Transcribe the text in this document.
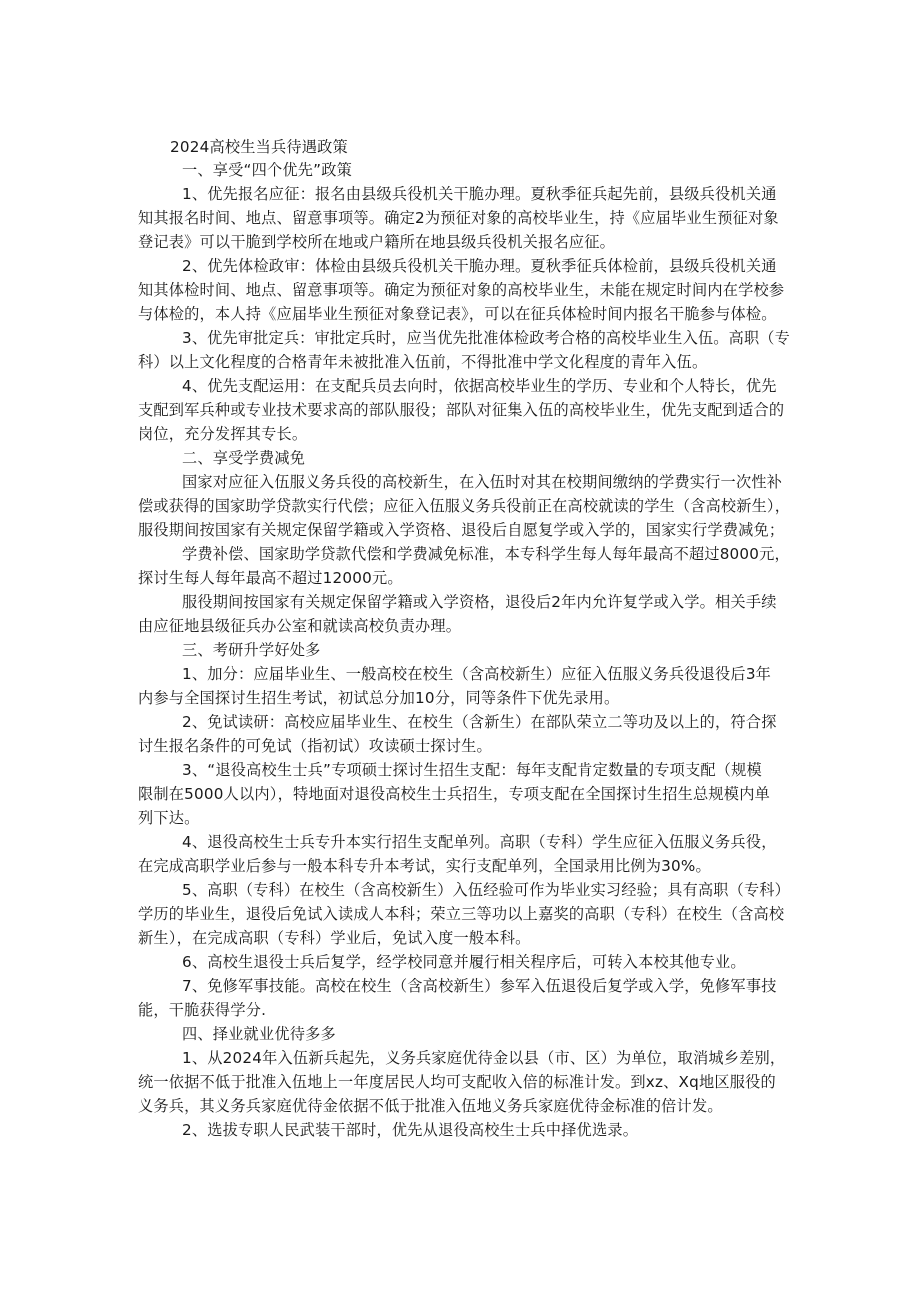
2024高校生当兵待遇政策

一、享受“四个优先”政策

1、优先报名应征：报名由县级兵役机关干脆办理。夏秋季征兵起先前，县级兵役机关通

知其报名时间、地点、留意事项等。确定2为预征对象的高校毕业生，持《应届毕业生预征对象

登记表》可以干脆到学校所在地或户籍所在地县级兵役机关报名应征。

2、优先体检政审：体检由县级兵役机关干脆办理。夏秋季征兵体检前，县级兵役机关通

知其体检时间、地点、留意事项等。确定为预征对象的高校毕业生，未能在规定时间内在学校参

与体检的，本人持《应届毕业生预征对象登记表》，可以在征兵体检时间内报名干脆参与体检。

3、优先审批定兵：审批定兵时，应当优先批准体检政考合格的高校毕业生入伍。高职（专

科）以上文化程度的合格青年未被批准入伍前，不得批准中学文化程度的青年入伍。

4、优先支配运用：在支配兵员去向时，依据高校毕业生的学历、专业和个人特长，优先

支配到军兵种或专业技术要求高的部队服役；部队对征集入伍的高校毕业生，优先支配到适合的

岗位，充分发挥其专长。

二、享受学费减免

国家对应征入伍服义务兵役的高校新生，在入伍时对其在校期间缴纳的学费实行一次性补

偿或获得的国家助学贷款实行代偿；应征入伍服义务兵役前正在高校就读的学生（含高校新生），

服役期间按国家有关规定保留学籍或入学资格、退役后自愿复学或入学的，国家实行学费减免；

学费补偿、国家助学贷款代偿和学费减免标准，本专科学生每人每年最高不超过8000元，

探讨生每人每年最高不超过12000元。

服役期间按国家有关规定保留学籍或入学资格，退役后2年内允许复学或入学。相关手续

由应征地县级征兵办公室和就读高校负责办理。

三、考研升学好处多

1、加分：应届毕业生、一般高校在校生（含高校新生）应征入伍服义务兵役退役后3年

内参与全国探讨生招生考试，初试总分加10分，同等条件下优先录用。

2、免试读研：高校应届毕业生、在校生（含新生）在部队荣立二等功及以上的，符合探

讨生报名条件的可免试（指初试）攻读硕士探讨生。

3、“退役高校生士兵”专项硕士探讨生招生支配：每年支配肯定数量的专项支配（规模

限制在5000人以内），特地面对退役高校生士兵招生，专项支配在全国探讨生招生总规模内单

列下达。

4、退役高校生士兵专升本实行招生支配单列。高职（专科）学生应征入伍服义务兵役，

在完成高职学业后参与一般本科专升本考试，实行支配单列，全国录用比例为30%。

5、高职（专科）在校生（含高校新生）入伍经验可作为毕业实习经验；具有高职（专科）

学历的毕业生，退役后免试入读成人本科；荣立三等功以上嘉奖的高职（专科）在校生（含高校

新生），在完成高职（专科）学业后，免试入度一般本科。

6、高校生退役士兵后复学，经学校同意并履行相关程序后，可转入本校其他专业。

7、免修军事技能。高校在校生（含高校新生）参军入伍退役后复学或入学，免修军事技

能，干脆获得学分.

四、择业就业优待多多

1、从2024年入伍新兵起先，义务兵家庭优待金以县（市、区）为单位，取消城乡差别，

统一依据不低于批准入伍地上一年度居民人均可支配收入倍的标准计发。到xz、Xq地区服役的

义务兵，其义务兵家庭优待金依据不低于批准入伍地义务兵家庭优待金标准的倍计发。

2、选拔专职人民武装干部时，优先从退役高校生士兵中择优选录。
